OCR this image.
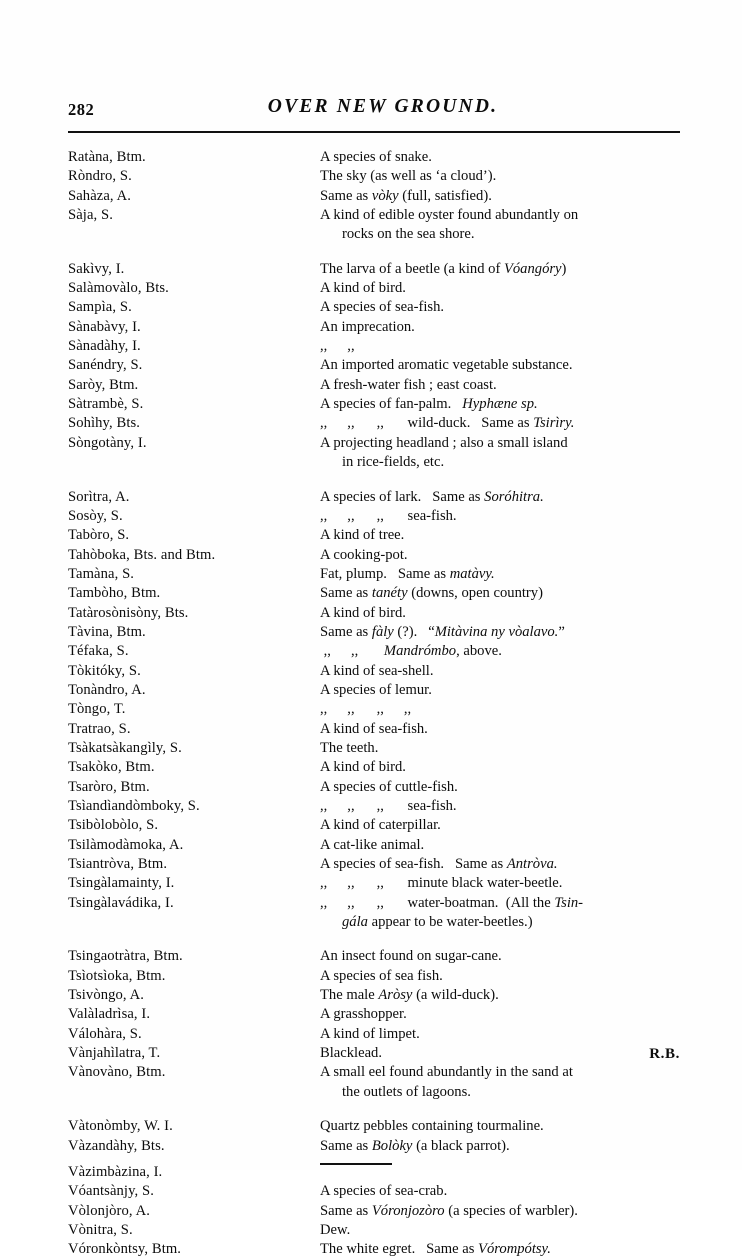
282	OVER NEW GROUND.
Ratàna, Btm.	A species of snake.
Ròndro, S.	The sky (as well as ‘a cloud’).
Sahàza, A.	Same as vòky (full, satisfied).
Sàja, S.	A kind of edible oyster found abundantly on
rocks on the sea shore.
Sakìvy, I.	The larva of a beetle (a kind of Vóangóry)
Salàmovàlo, Bts.	A kind of bird.
Sampìa, S.	A species of sea-fish.
Sànabàvy, I.	An imprecation.
Sànadàhy, I.	,, ,,
Sanéndry, S.	An imported aromatic vegetable substance.
Saròy, Btm.	A fresh-water fish ; east coast.
Sàtrambè, S.	A species of fan-palm.   Hyphæne sp.
Sohìhy, Bts.	,, ,, ,, wild-duck.   Same as Tsirìry.
Sòngotàny, I.	A projecting headland ; also a small island
in rice-fields, etc.
Sorìtra, A.	A species of lark.   Same as Soróhitra.
Sosòy, S.	,, ,, ,, sea-fish.
Tabòro, S.	A kind of tree.
Tahòboka, Bts. and Btm.	A cooking-pot.
Tamàna, S.	Fat, plump.   Same as matàvy.
Tambòho, Btm.	Same as tanéty (downs, open country)
Tatàrosònisòny, Bts.	A kind of bird.
Tàvina, Btm.	Same as fàly (?).   “Mitàvina ny vòalavo.”
Téfaka, S.	,, ,, Mandrómbo, above.
Tòkitóky, S.	A kind of sea-shell.
Tonàndro, A.	A species of lemur.
Tòngo, T.	,, ,, ,, ,,
Tratrao, S.	A kind of sea-fish.
Tsàkatsàkangìly, S.	The teeth.
Tsakòko, Btm.	A kind of bird.
Tsaròro, Btm.	A species of cuttle-fish.
Tsìandìandòmboky, S.	,, ,, ,, sea-fish.
Tsibòlobòlo, S.	A kind of caterpillar.
Tsilàmodàmoka, A.	A cat-like animal.
Tsiantròva, Btm.	A species of sea-fish.   Same as Antròva.
Tsingàlamainty, I.	,, ,, ,, minute black water-beetle.
Tsingàlavádika, I.	,, ,, ,, water-boatman.  (All the Tsin-
gála appear to be water-beetles.)
Tsingaotràtra, Btm.	An insect found on sugar-cane.
Tsìotsìoka, Btm.	A species of sea fish.
Tsivòngo, A.	The male Aròsy (a wild-duck).
Valàladrìsa, I.	A grasshopper.
Válohàra, S.	A kind of limpet.
Vànjahìlatra, T.	Blacklead.
Vànovàno, Btm.	A small eel found abundantly in the sand at
the outlets of lagoons.
Vàtonòmby, W. I.	Quartz pebbles containing tourmaline.
Vàzandàhy, Bts.	Same as Bolòky (a black parrot).
Vàzimbàzina, I.
Vóantsànjy, S.	A species of sea-crab.
Vòlonjòro, A.	Same as Vóronjozòro (a species of warbler).
Vònitra, S.	Dew.
Vóronkòntsy, Btm.	The white egret.   Same as Vórompótsy.
R.B.
